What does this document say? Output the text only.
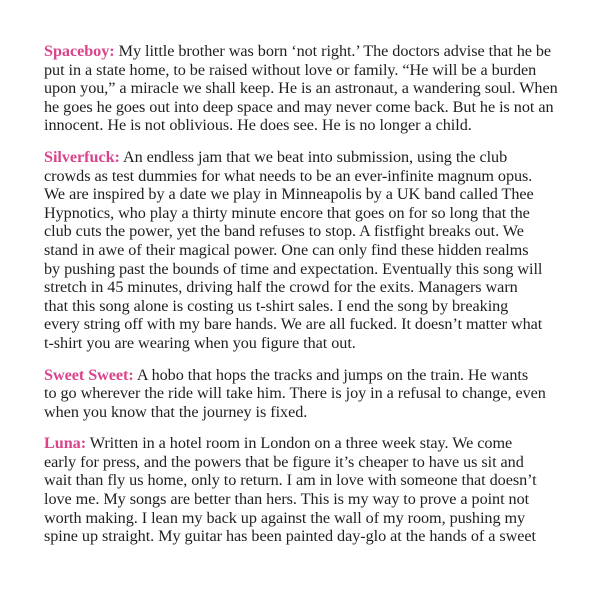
Spaceboy: My little brother was born ‘not right.’ The doctors advise that he be
put in a state home, to be raised without love or family. “He will be a burden
upon you,” a miracle we shall keep. He is an astronaut, a wandering soul. When
he goes he goes out into deep space and may never come back. But he is not an
innocent. He is not oblivious. He does see. He is no longer a child.

Silverfuck: An endless jam that we beat into submission, using the club
crowds as test dummies for what needs to be an ever-infinite magnum opus.
We are inspired by a date we play in Minneapolis by a UK band called Thee
Hypnotics, who play a thirty minute encore that goes on for so long that the
club cuts the power, yet the band refuses to stop. A fistfight breaks out. We
stand in awe of their magical power. One can only find these hidden realms
by pushing past the bounds of time and expectation. Eventually this song will
stretch in 45 minutes, driving half the crowd for the exits. Managers warn
that this song alone is costing us t-shirt sales. I end the song by breaking
every string off with my bare hands. We are all fucked. It doesn’t matter what
t-shirt you are wearing when you figure that out.

Sweet Sweet: A hobo that hops the tracks and jumps on the train. He wants
to go wherever the ride will take him. There is joy in a refusal to change, even
when you know that the journey is fixed.

Luna: Written in a hotel room in London on a three week stay. We come
early for press, and the powers that be figure it’s cheaper to have us sit and
wait than fly us home, only to return. I am in love with someone that doesn’t
love me. My songs are better than hers. This is my way to prove a point not
worth making. I lean my back up against the wall of my room, pushing my
spine up straight. My guitar has been painted day-glo at the hands of a sweet
